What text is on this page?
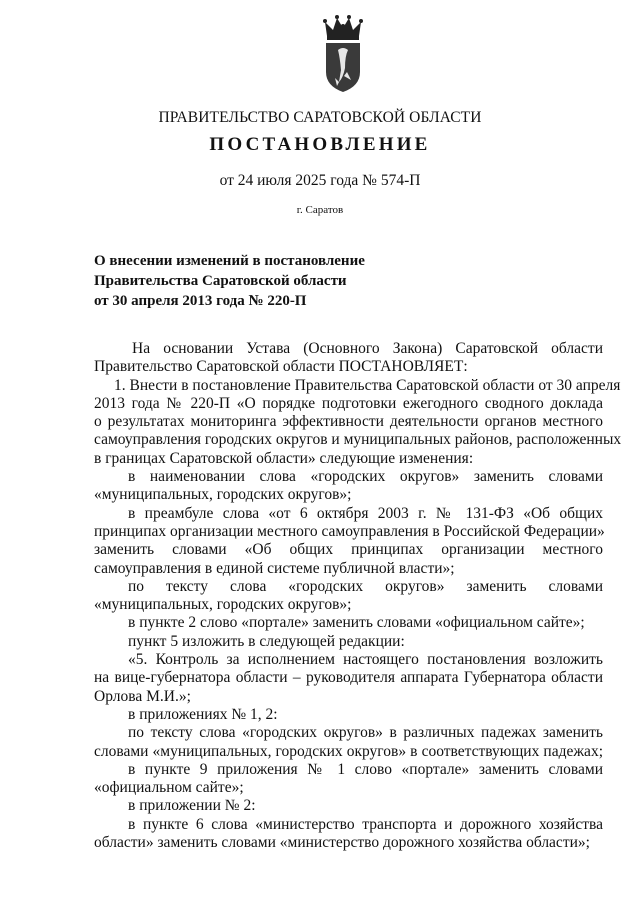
ПРАВИТЕЛЬСТВО САРАТОВСКОЙ ОБЛАСТИ
ПОСТАНОВЛЕНИЕ
от 24 июля 2025 года № 574-П
г. Саратов
О внесении изменений в постановление
Правительства Саратовской области
от 30 апреля 2013 года № 220-П
На основании Устава (Основного Закона) Саратовской области
Правительство Саратовской области ПОСТАНОВЛЯЕТ:
1. Внести в постановление Правительства Саратовской области от 30 апреля
2013 года № 220-П «О порядке подготовки ежегодного сводного доклада
о результатах мониторинга эффективности деятельности органов местного
самоуправления городских округов и муниципальных районов, расположенных
в границах Саратовской области» следующие изменения:
в наименовании слова «городских округов» заменить словами
«муниципальных, городских округов»;
в преамбуле слова «от 6 октября 2003 г. № 131-ФЗ «Об общих
принципах организации местного самоуправления в Российской Федерации»
заменить словами «Об общих принципах организации местного
самоуправления в единой системе публичной власти»;
по тексту слова «городских округов» заменить словами
«муниципальных, городских округов»;
в пункте 2 слово «портале» заменить словами «официальном сайте»;
пункт 5 изложить в следующей редакции:
«5. Контроль за исполнением настоящего постановления возложить
на вице-губернатора области – руководителя аппарата Губернатора области
Орлова М.И.»;
в приложениях № 1, 2:
по тексту слова «городских округов» в различных падежах заменить
словами «муниципальных, городских округов» в соответствующих падежах;
в пункте 9 приложения № 1 слово «портале» заменить словами
«официальном сайте»;
в приложении № 2:
в пункте 6 слова «министерство транспорта и дорожного хозяйства
области» заменить словами «министерство дорожного хозяйства области»;
